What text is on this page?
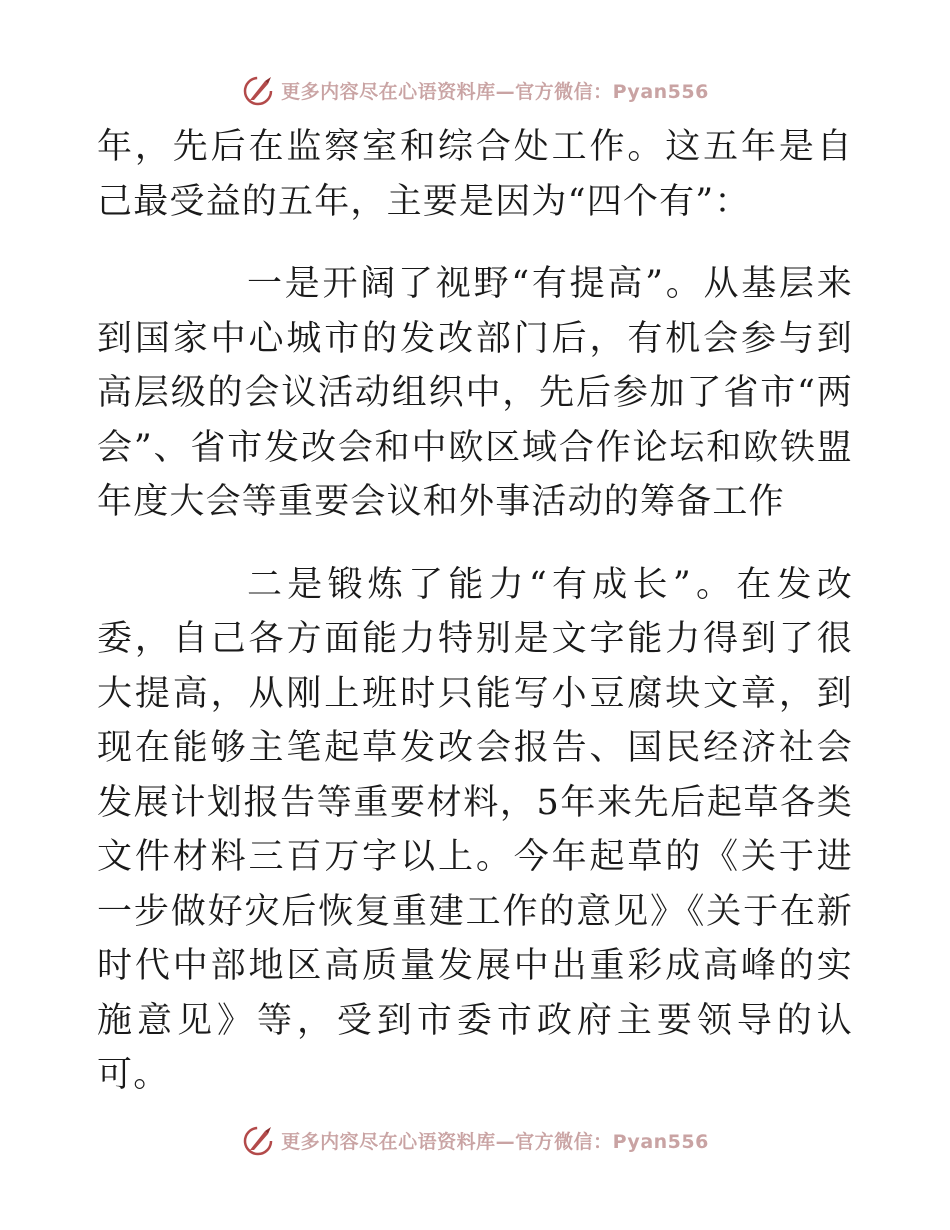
更多内容尽在心语资料库—官方微信：Pyan556

年，先后在监察室和综合处工作。这五年是自己最受益的五年，主要是因为“四个有”：

一是开阔了视野“有提高”。从基层来到国家中心城市的发改部门后，有机会参与到高层级的会议活动组织中，先后参加了省市“两会”、省市发改会和中欧区域合作论坛和欧铁盟年度大会等重要会议和外事活动的筹备工作

二是锻炼了能力“有成长”。在发改委，自己各方面能力特别是文字能力得到了很大提高，从刚上班时只能写小豆腐块文章，到现在能够主笔起草发改会报告、国民经济社会发展计划报告等重要材料，5年来先后起草各类文件材料三百万字以上。今年起草的《关于进一步做好灾后恢复重建工作的意见》《关于在新时代中部地区高质量发展中出重彩成高峰的实施意见》等，受到市委市政府主要领导的认可。

更多内容尽在心语资料库—官方微信：Pyan556
